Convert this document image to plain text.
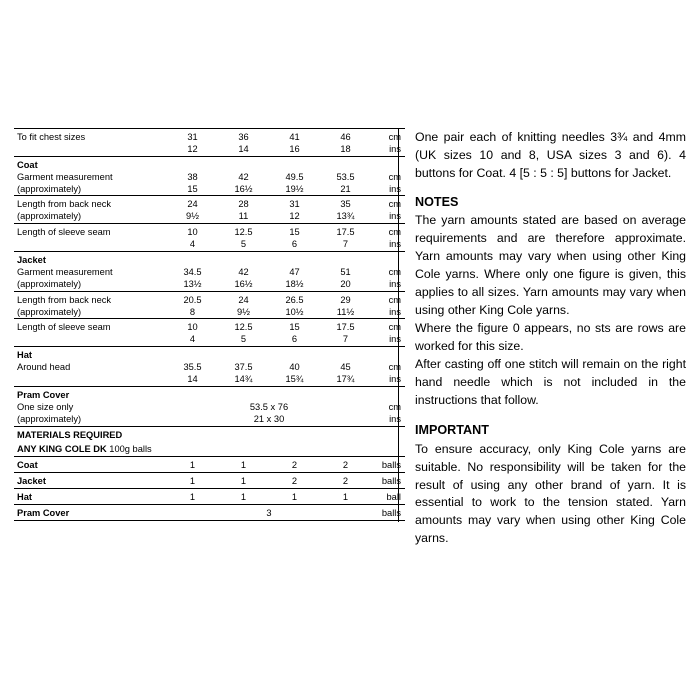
To fit chest sizes	31	36	41	46	cm
	12	14	16	18	ins
Coat					
Garment measurement	38	42	49.5	53.5	cm
(approximately)	15	16½	19½	21	ins
Length from back neck	24	28	31	35	cm
(approximately)	9½	11	12	13¾	ins
Length of sleeve seam	10	12.5	15	17.5	cm
	4	5	6	7	ins
Jacket					
Garment measurement	34.5	42	47	51	cm
(approximately)	13½	16½	18½	20	ins
Length from back neck	20.5	24	26.5	29	cm
(approximately)	8	9½	10½	11½	ins
Length of sleeve seam	10	12.5	15	17.5	cm
	4	5	6	7	ins
Hat					
Around head	35.5	37.5	40	45	cm
	14	14¾	15¾	17¾	ins
Pram Cover					
One size only	53.5 x 76				cm
(approximately)	21 x 30				ins
MATERIALS REQUIRED					
ANY KING COLE DK 100g balls					
Coat	1	1	2	2	balls
Jacket	1	1	2	2	balls
Hat	1	1	1	1	ball
Pram Cover	3				balls

One pair each of knitting needles 3¾ and 4mm (UK sizes 10 and 8, USA sizes 3 and 6). 4 buttons for Coat. 4 [5 : 5 : 5] buttons for Jacket.

NOTES

The yarn amounts stated are based on average requirements and are therefore approximate. Yarn amounts may vary when using other King Cole yarns. Where only one figure is given, this applies to all sizes. Yarn amounts may vary when using other King Cole yarns.

Where the figure 0 appears, no sts are rows are worked for this size.

After casting off one stitch will remain on the right hand needle which is not included in the instructions that follow.

IMPORTANT

To ensure accuracy, only King Cole yarns are suitable. No responsibility will be taken for the result of using any other brand of yarn. It is essential to work to the tension stated. Yarn amounts may vary when using other King Cole yarns.
